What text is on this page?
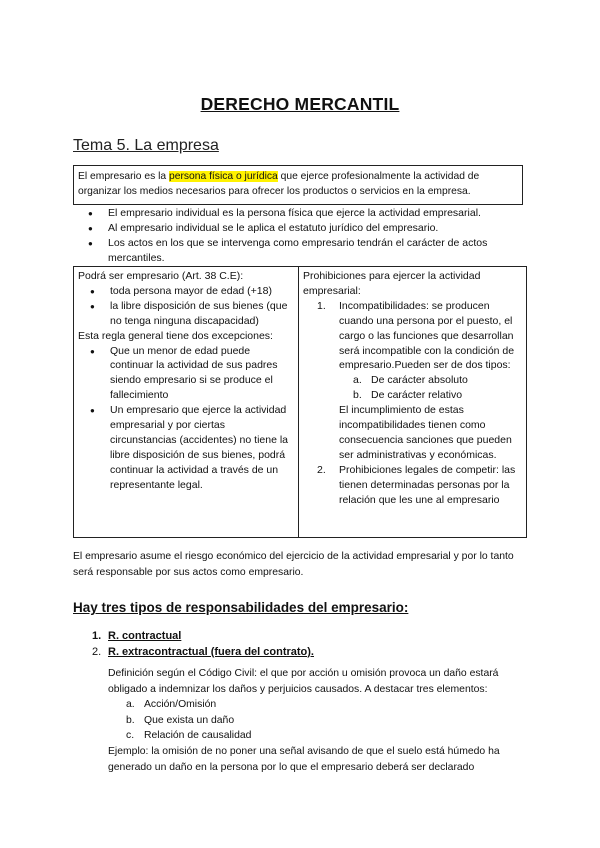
DERECHO MERCANTIL
Tema 5. La empresa
El empresario es la persona física o jurídica que ejerce profesionalmente la actividad de organizar los medios necesarios para ofrecer los productos o servicios en la empresa.
● El empresario individual es la persona física que ejerce la actividad empresarial.
● Al empresario individual se le aplica el estatuto jurídico del empresario.
● Los actos en los que se intervenga como empresario tendrán el carácter de actos mercantiles.
Podrá ser empresario (Art. 38 C.E):
● toda persona mayor de edad (+18)
● la libre disposición de sus bienes (que no tenga ninguna discapacidad)
Esta regla general tiene dos excepciones:
● Que un menor de edad puede continuar la actividad de sus padres siendo empresario si se produce el fallecimiento
● Un empresario que ejerce la actividad empresarial y por ciertas circunstancias (accidentes) no tiene la libre disposición de sus bienes, podrá continuar la actividad a través de un representante legal.
Prohibiciones para ejercer la actividad empresarial:
1. Incompatibilidades: se producen cuando una persona por el puesto, el cargo o las funciones que desarrollan será incompatible con la condición de empresario.Pueden ser de dos tipos:
a. De carácter absoluto
b. De carácter relativo
El incumplimiento de estas incompatibilidades tienen como consecuencia sanciones que pueden ser administrativas y económicas.
2. Prohibiciones legales de competir: las tienen determinadas personas por la relación que les une al empresario
El empresario asume el riesgo económico del ejercicio de la actividad empresarial y por lo tanto será responsable por sus actos como empresario.
Hay tres tipos de responsabilidades del empresario:
1. R. contractual
2. R. extracontractual (fuera del contrato).
Definición según el Código Civil: el que por acción u omisión provoca un daño estará obligado a indemnizar los daños y perjuicios causados. A destacar tres elementos:
a. Acción/Omisión
b. Que exista un daño
c. Relación de causalidad
Ejemplo: la omisión de no poner una señal avisando de que el suelo está húmedo ha generado un daño en la persona por lo que el empresario deberá ser declarado
